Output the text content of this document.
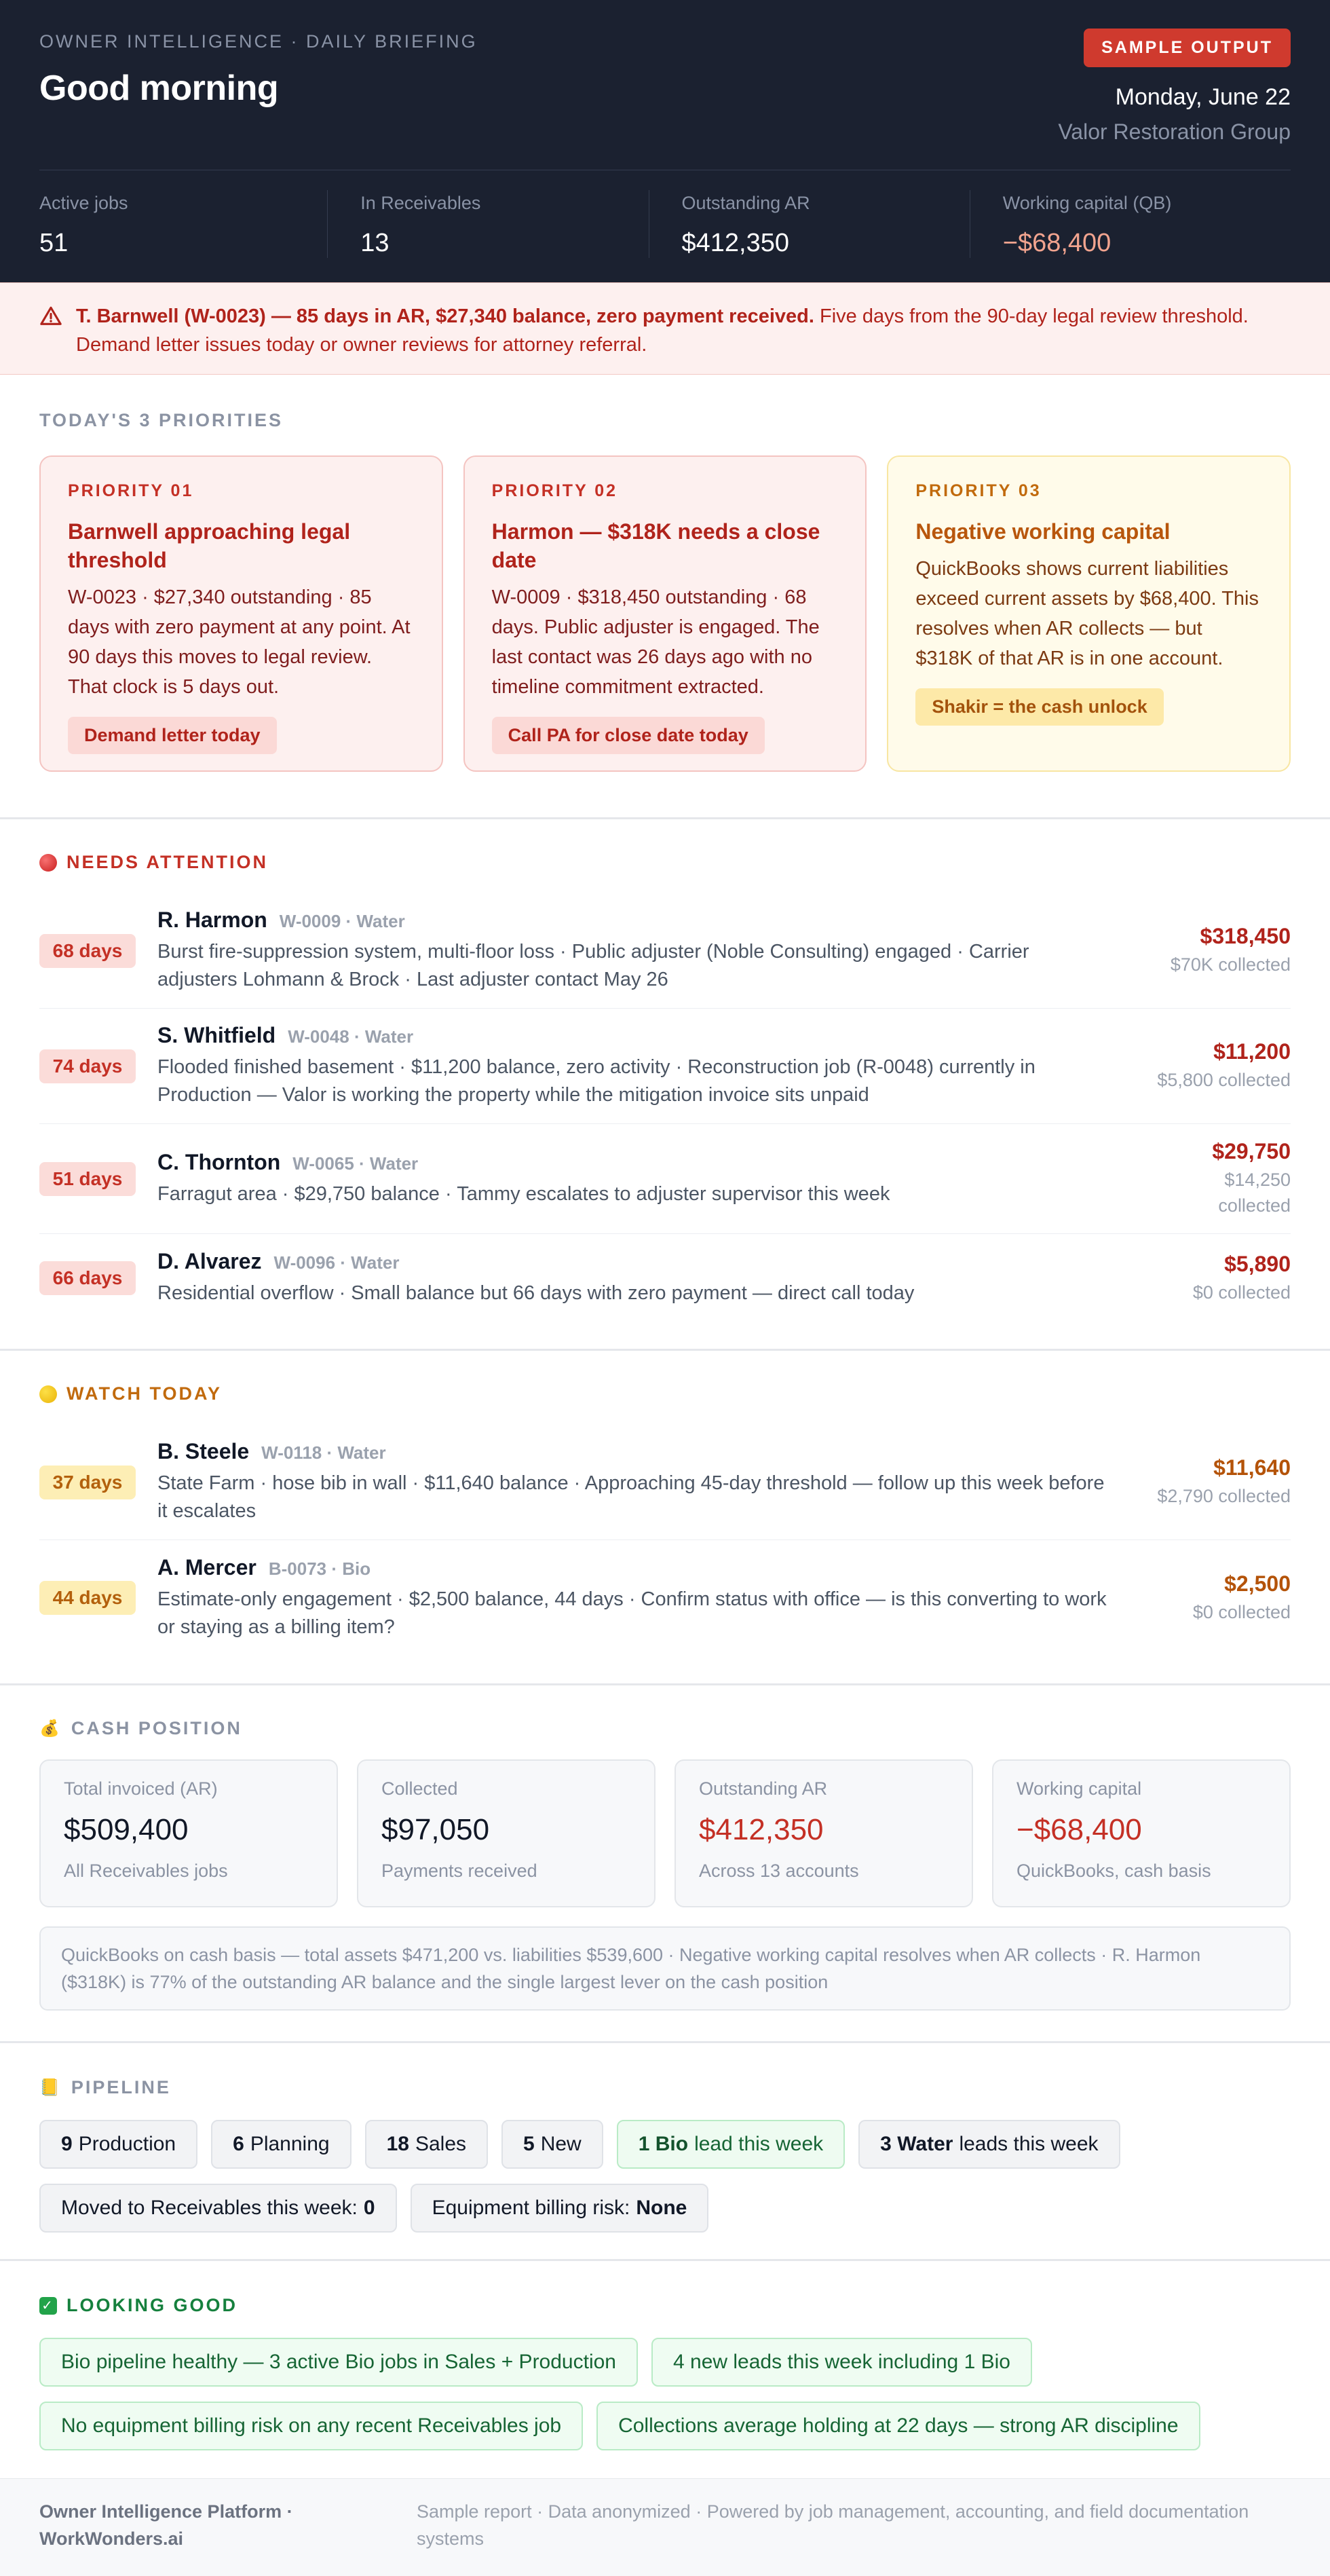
OWNER INTELLIGENCE · DAILY BRIEFING
Good morning
SAMPLE OUTPUT
Monday, June 22
Valor Restoration Group
Active jobs
51
In Receivables
13
Outstanding AR
$412,350
Working capital (QB)
−$68,400
T. Barnwell (W-0023) — 85 days in AR, $27,340 balance, zero payment received. Five days from the 90-day legal review threshold. Demand letter issues today or owner reviews for attorney referral.
TODAY'S 3 PRIORITIES
PRIORITY 01
Barnwell approaching legal threshold
W-0023 · $27,340 outstanding · 85 days with zero payment at any point. At 90 days this moves to legal review. That clock is 5 days out.
Demand letter today
PRIORITY 02
Harmon — $318K needs a close date
W-0009 · $318,450 outstanding · 68 days. Public adjuster is engaged. The last contact was 26 days ago with no timeline commitment extracted.
Call PA for close date today
PRIORITY 03
Negative working capital
QuickBooks shows current liabilities exceed current assets by $68,400. This resolves when AR collects — but $318K of that AR is in one account.
Shakir = the cash unlock
NEEDS ATTENTION
68 days
R. Harmon W-0009 · Water
Burst fire-suppression system, multi-floor loss · Public adjuster (Noble Consulting) engaged · Carrier adjusters Lohmann & Brock · Last adjuster contact May 26
$318,450
$70K collected
74 days
S. Whitfield W-0048 · Water
Flooded finished basement · $11,200 balance, zero activity · Reconstruction job (R-0048) currently in Production — Valor is working the property while the mitigation invoice sits unpaid
$11,200
$5,800 collected
51 days
C. Thornton W-0065 · Water
Farragut area · $29,750 balance · Tammy escalates to adjuster supervisor this week
$29,750
$14,250 collected
66 days
D. Alvarez W-0096 · Water
Residential overflow · Small balance but 66 days with zero payment — direct call today
$5,890
$0 collected
WATCH TODAY
37 days
B. Steele W-0118 · Water
State Farm · hose bib in wall · $11,640 balance · Approaching 45-day threshold — follow up this week before it escalates
$11,640
$2,790 collected
44 days
A. Mercer B-0073 · Bio
Estimate-only engagement · $2,500 balance, 44 days · Confirm status with office — is this converting to work or staying as a billing item?
$2,500
$0 collected
💰 CASH POSITION
Total invoiced (AR)
$509,400
All Receivables jobs
Collected
$97,050
Payments received
Outstanding AR
$412,350
Across 13 accounts
Working capital
−$68,400
QuickBooks, cash basis
QuickBooks on cash basis — total assets $471,200 vs. liabilities $539,600 · Negative working capital resolves when AR collects · R. Harmon ($318K) is 77% of the outstanding AR balance and the single largest lever on the cash position
📒 PIPELINE
9 Production	6 Planning	18 Sales	5 New	1 Bio lead this week	3 Water leads this week
Moved to Receivables this week: 0	Equipment billing risk: None
✓ LOOKING GOOD
Bio pipeline healthy — 3 active Bio jobs in Sales + Production	4 new leads this week including 1 Bio
No equipment billing risk on any recent Receivables job	Collections average holding at 22 days — strong AR discipline
Owner Intelligence Platform · WorkWonders.ai
Sample report · Data anonymized · Powered by job management, accounting, and field documentation systems
